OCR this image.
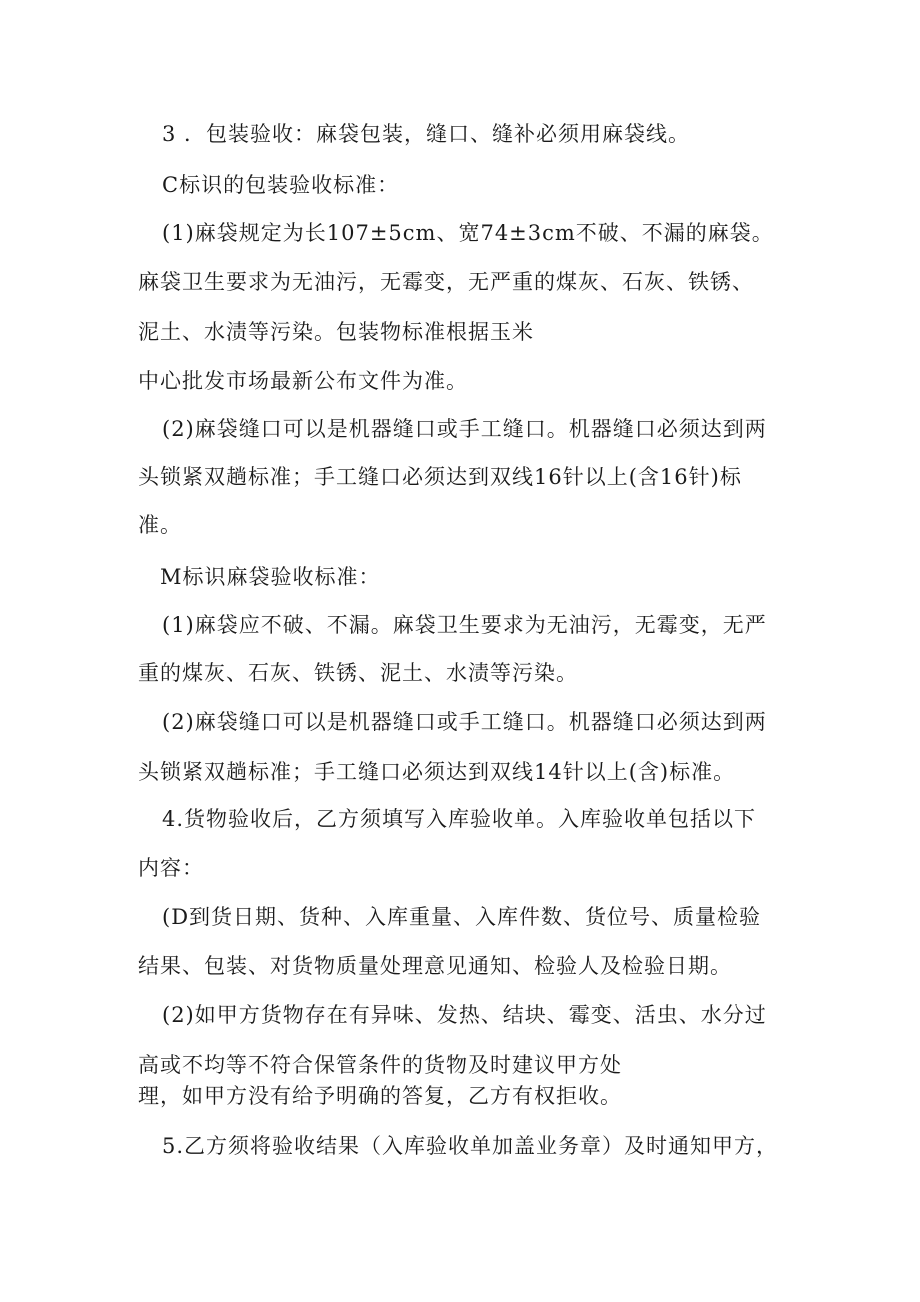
3 ．包装验收：麻袋包装，缝口、缝补必须用麻袋线。

C标识的包装验收标准：

(1)麻袋规定为长107±5cm、宽74±3cm不破、不漏的麻袋。

麻袋卫生要求为无油污，无霉变，无严重的煤灰、石灰、铁锈、

泥土、水渍等污染。包装物标准根据玉米

中心批发市场最新公布文件为准。

(2)麻袋缝口可以是机器缝口或手工缝口。机器缝口必须达到两

头锁紧双趟标准；手工缝口必须达到双线16针以上(含16针)标

准。

M标识麻袋验收标准：

(1)麻袋应不破、不漏。麻袋卫生要求为无油污，无霉变，无严

重的煤灰、石灰、铁锈、泥土、水渍等污染。

(2)麻袋缝口可以是机器缝口或手工缝口。机器缝口必须达到两

头锁紧双趟标准；手工缝口必须达到双线14针以上(含)标准。

4.货物验收后，乙方须填写入库验收单。入库验收单包括以下

内容：

(D到货日期、货种、入库重量、入库件数、货位号、质量检验

结果、包装、对货物质量处理意见通知、检验人及检验日期。

(2)如甲方货物存在有异味、发热、结块、霉变、活虫、水分过

高或不均等不符合保管条件的货物及时建议甲方处

理，如甲方没有给予明确的答复，乙方有权拒收。

5.乙方须将验收结果（入库验收单加盖业务章）及时通知甲方，
